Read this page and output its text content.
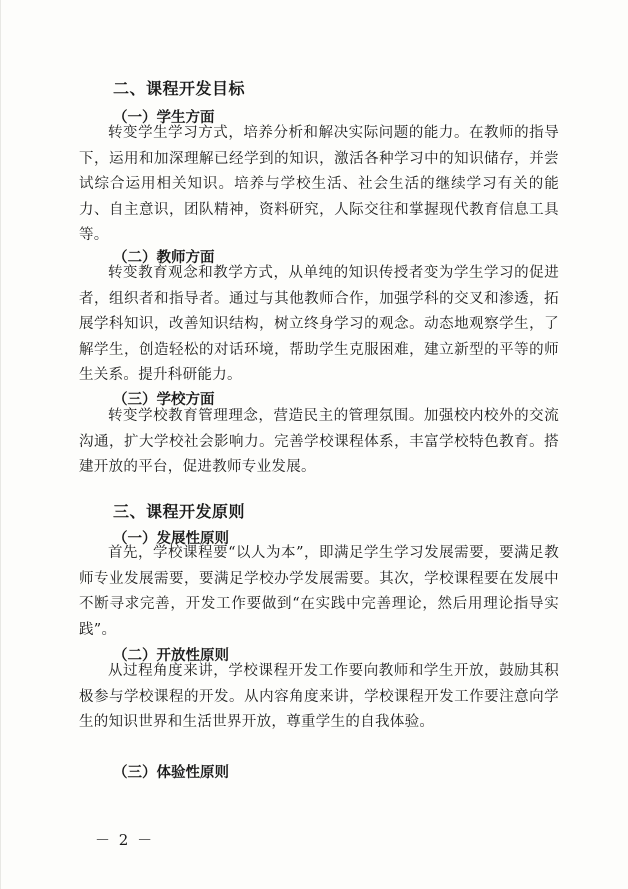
二、课程开发目标
（一）学生方面

转变学生学习方式，培养分析和解决实际问题的能力。在教师的指导下，运用和加深理解已经学到的知识，激活各种学习中的知识储存，并尝试综合运用相关知识。培养与学校生活、社会生活的继续学习有关的能力、自主意识，团队精神，资料研究，人际交往和掌握现代教育信息工具等。

（二）教师方面

转变教育观念和教学方式，从单纯的知识传授者变为学生学习的促进者，组织者和指导者。通过与其他教师合作，加强学科的交叉和渗透，拓展学科知识，改善知识结构，树立终身学习的观念。动态地观察学生，了解学生，创造轻松的对话环境，帮助学生克服困难，建立新型的平等的师生关系。提升科研能力。

（三）学校方面

转变学校教育管理理念，营造民主的管理氛围。加强校内校外的交流沟通，扩大学校社会影响力。完善学校课程体系，丰富学校特色教育。搭建开放的平台，促进教师专业发展。

三、课程开发原则
（一）发展性原则

首先，学校课程要“以人为本”，即满足学生学习发展需要，要满足教师专业发展需要，要满足学校办学发展需要。其次，学校课程要在发展中不断寻求完善，开发工作要做到“在实践中完善理论，然后用理论指导实践”。

（二）开放性原则

从过程角度来讲，学校课程开发工作要向教师和学生开放，鼓励其积极参与学校课程的开发。从内容角度来讲，学校课程开发工作要注意向学生的知识世界和生活世界开放，尊重学生的自我体验。

（三）体验性原则
－ 2 －
